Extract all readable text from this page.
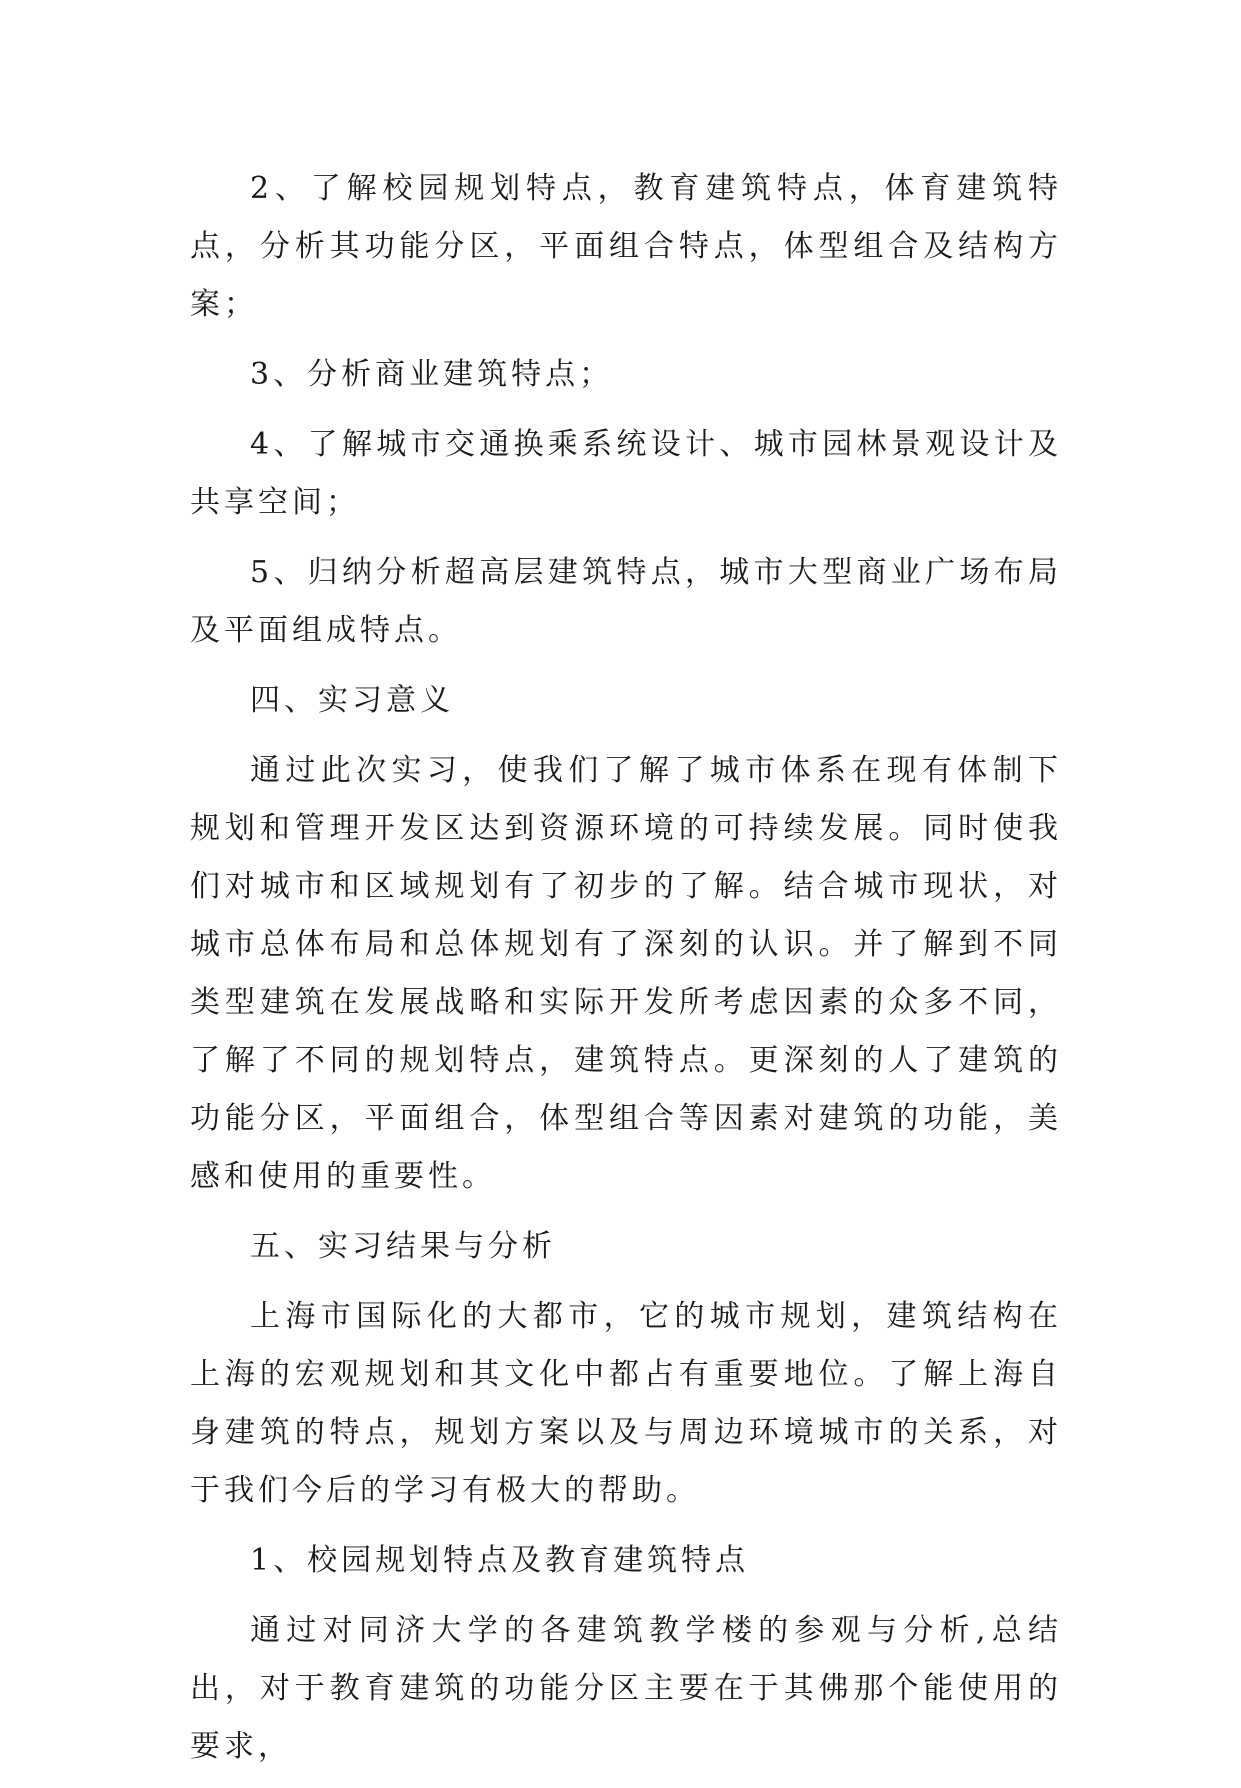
2、了解校园规划特点，教育建筑特点，体育建筑特点，分析其功能分区，平面组合特点，体型组合及结构方案；

3、分析商业建筑特点；

4、了解城市交通换乘系统设计、城市园林景观设计及共享空间；

5、归纳分析超高层建筑特点，城市大型商业广场布局及平面组成特点。

四、实习意义

通过此次实习，使我们了解了城市体系在现有体制下规划和管理开发区达到资源环境的可持续发展。同时使我们对城市和区域规划有了初步的了解。结合城市现状，对城市总体布局和总体规划有了深刻的认识。并了解到不同类型建筑在发展战略和实际开发所考虑因素的众多不同，了解了不同的规划特点，建筑特点。更深刻的人了建筑的功能分区，平面组合，体型组合等因素对建筑的功能，美感和使用的重要性。

五、实习结果与分析

上海市国际化的大都市，它的城市规划，建筑结构在上海的宏观规划和其文化中都占有重要地位。了解上海自身建筑的特点，规划方案以及与周边环境城市的关系，对于我们今后的学习有极大的帮助。

1、校园规划特点及教育建筑特点

通过对同济大学的各建筑教学楼的参观与分析,总结出，对于教育建筑的功能分区主要在于其佛那个能使用的要求，
